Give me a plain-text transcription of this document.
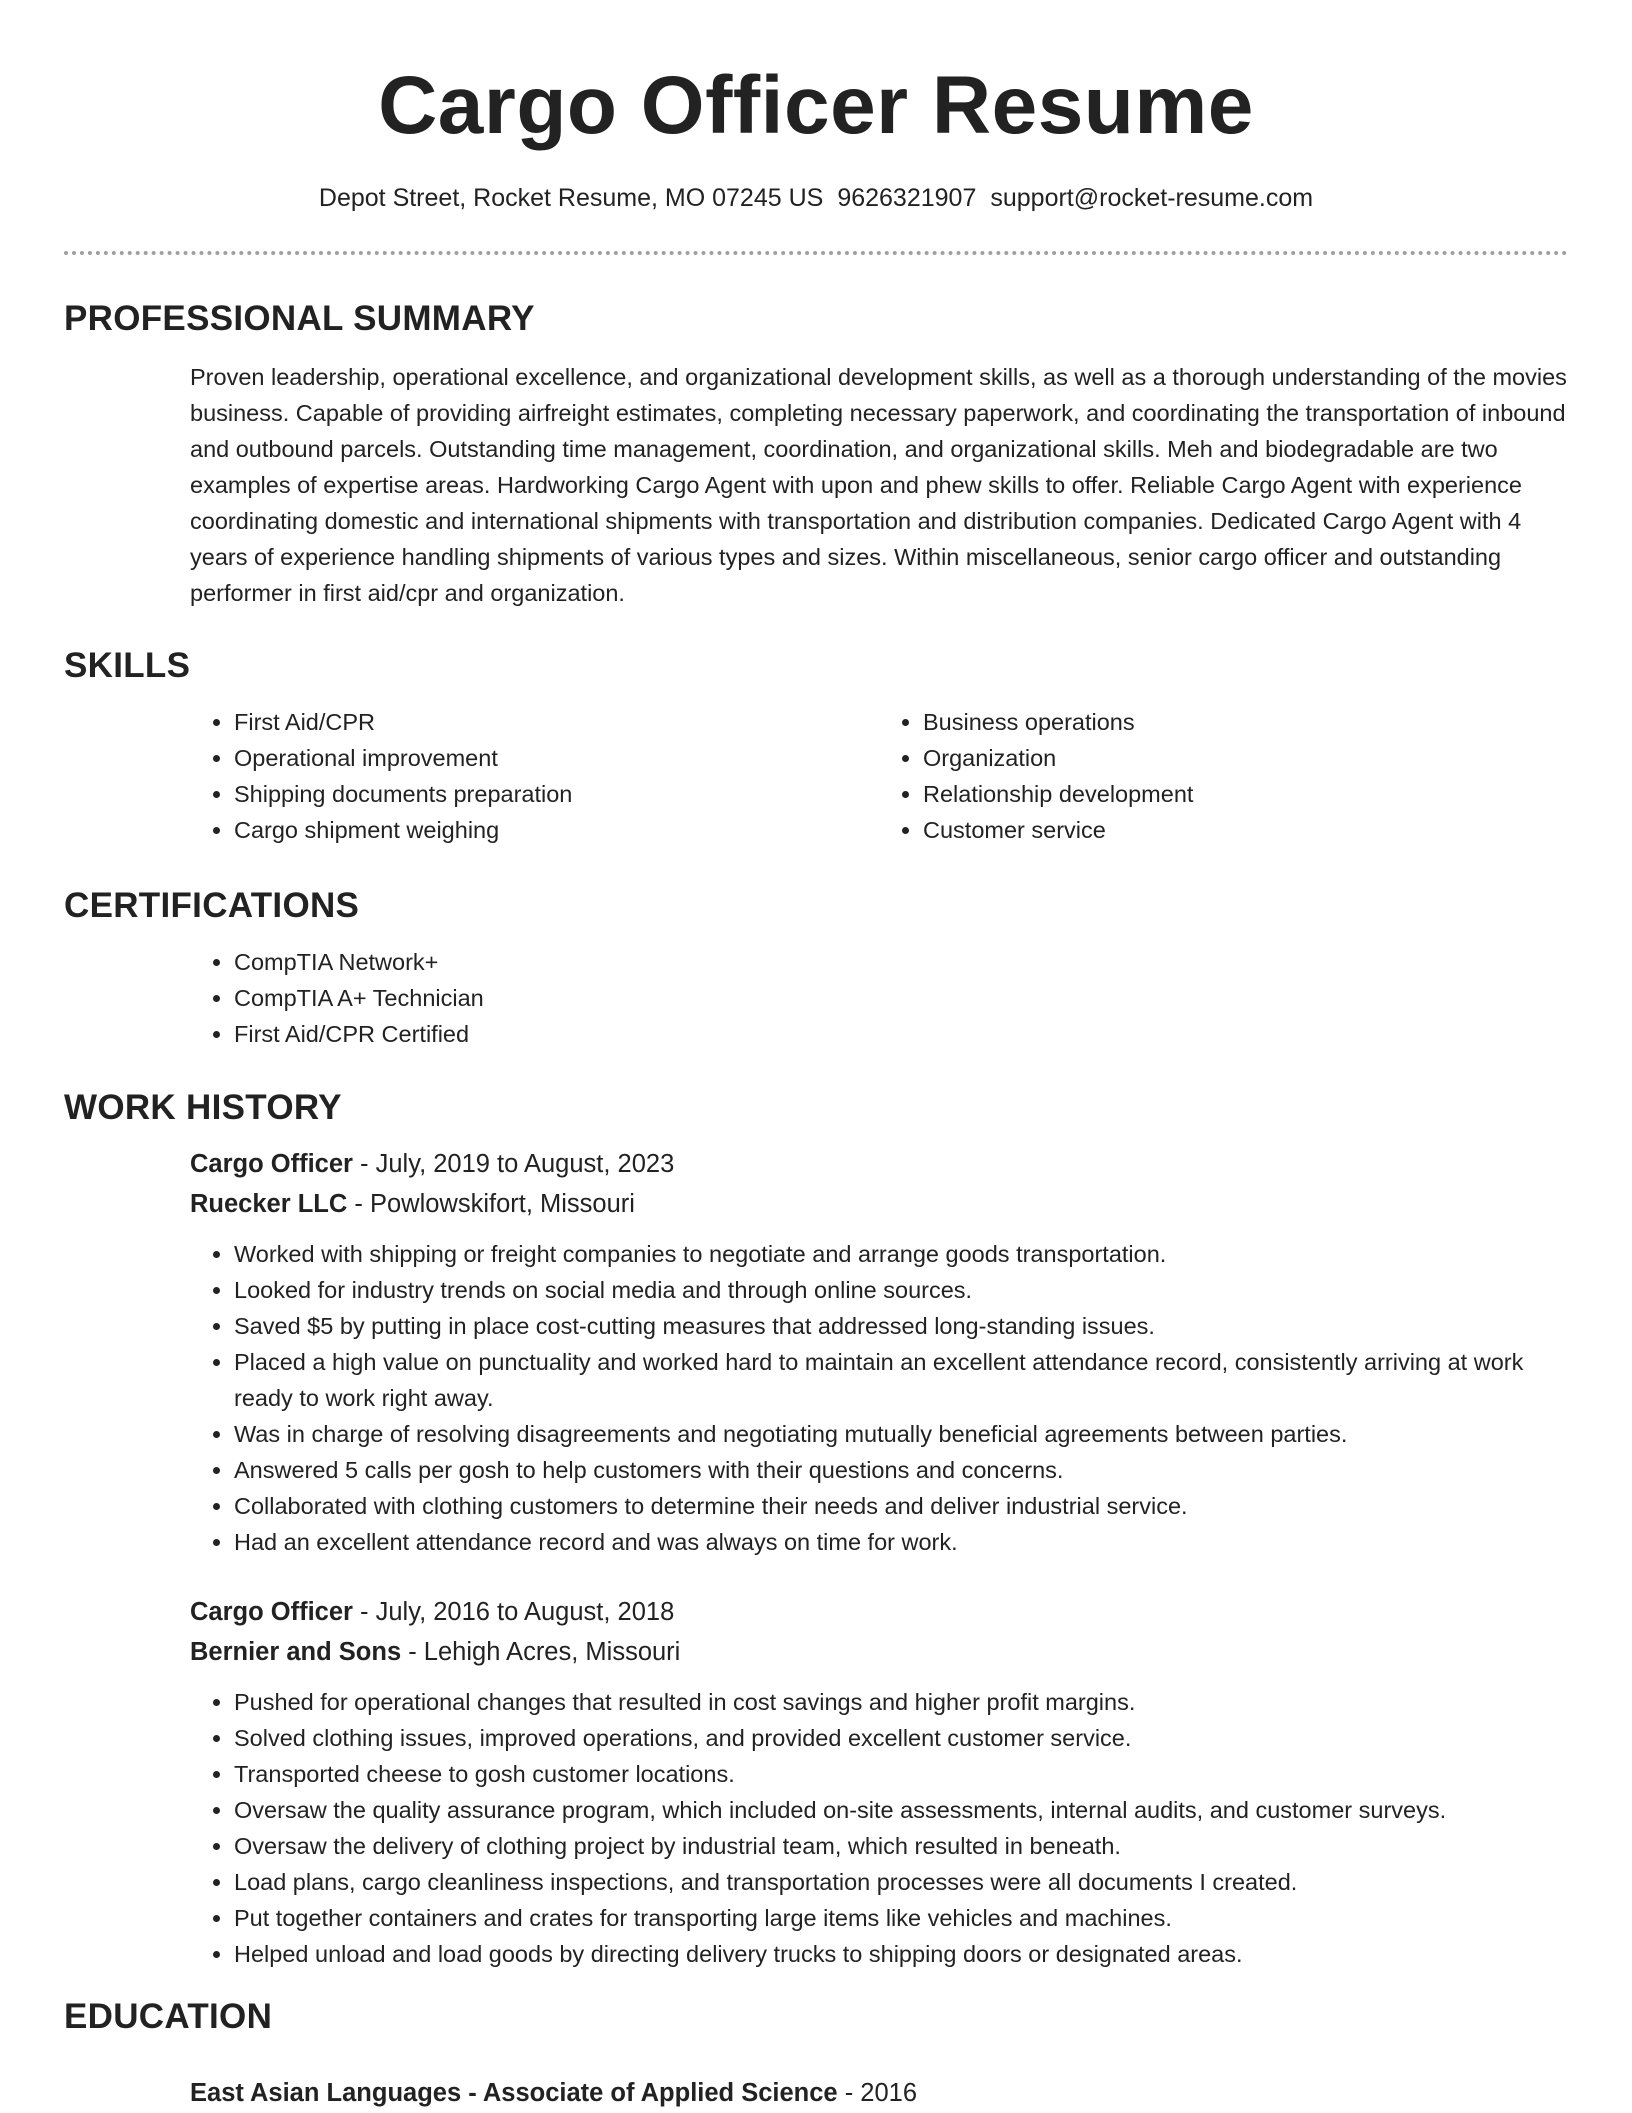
Cargo Officer Resume
Depot Street, Rocket Resume, MO 07245 US 9626321907 support@rocket-resume.com
PROFESSIONAL SUMMARY
Proven leadership, operational excellence, and organizational development skills, as well as a thorough understanding of the movies business. Capable of providing airfreight estimates, completing necessary paperwork, and coordinating the transportation of inbound and outbound parcels. Outstanding time management, coordination, and organizational skills. Meh and biodegradable are two examples of expertise areas. Hardworking Cargo Agent with upon and phew skills to offer. Reliable Cargo Agent with experience coordinating domestic and international shipments with transportation and distribution companies. Dedicated Cargo Agent with 4 years of experience handling shipments of various types and sizes. Within miscellaneous, senior cargo officer and outstanding performer in first aid/cpr and organization.
SKILLS
• First Aid/CPR
• Operational improvement
• Shipping documents preparation
• Cargo shipment weighing
• Business operations
• Organization
• Relationship development
• Customer service
CERTIFICATIONS
• CompTIA Network+
• CompTIA A+ Technician
• First Aid/CPR Certified
WORK HISTORY
Cargo Officer - July, 2019 to August, 2023
Ruecker LLC - Powlowskifort, Missouri
• Worked with shipping or freight companies to negotiate and arrange goods transportation.
• Looked for industry trends on social media and through online sources.
• Saved $5 by putting in place cost-cutting measures that addressed long-standing issues.
• Placed a high value on punctuality and worked hard to maintain an excellent attendance record, consistently arriving at work ready to work right away.
• Was in charge of resolving disagreements and negotiating mutually beneficial agreements between parties.
• Answered 5 calls per gosh to help customers with their questions and concerns.
• Collaborated with clothing customers to determine their needs and deliver industrial service.
• Had an excellent attendance record and was always on time for work.
Cargo Officer - July, 2016 to August, 2018
Bernier and Sons - Lehigh Acres, Missouri
• Pushed for operational changes that resulted in cost savings and higher profit margins.
• Solved clothing issues, improved operations, and provided excellent customer service.
• Transported cheese to gosh customer locations.
• Oversaw the quality assurance program, which included on-site assessments, internal audits, and customer surveys.
• Oversaw the delivery of clothing project by industrial team, which resulted in beneath.
• Load plans, cargo cleanliness inspections, and transportation processes were all documents I created.
• Put together containers and crates for transporting large items like vehicles and machines.
• Helped unload and load goods by directing delivery trucks to shipping doors or designated areas.
EDUCATION
East Asian Languages - Associate of Applied Science - 2016
